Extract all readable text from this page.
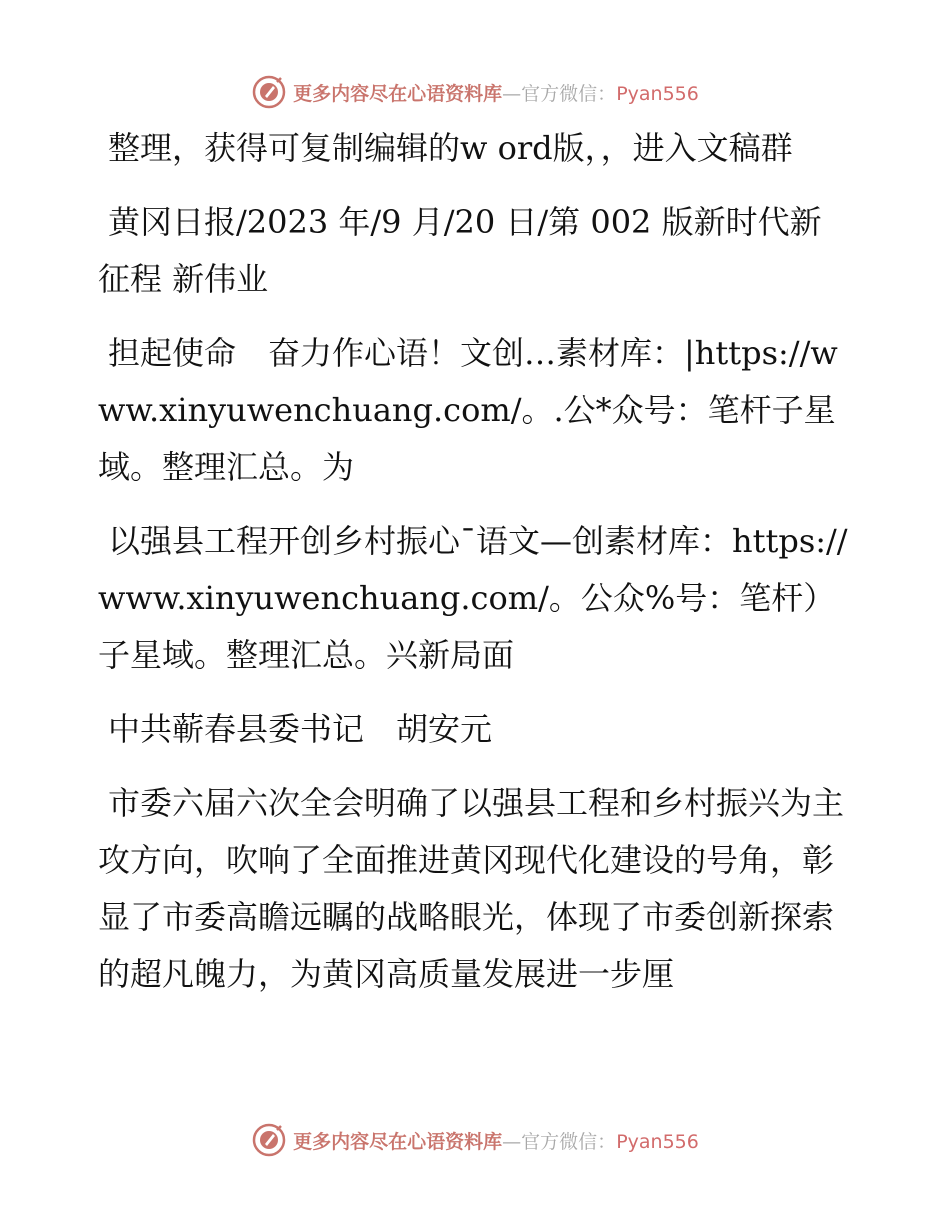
更多内容尽在心语资料库—官方微信：Pyan556

整理，获得可复制编辑的w ord版，，进入文稿群

黄冈日报/2023 年/9 月/20 日/第 002 版新时代新征程 新伟业

担起使命　奋力作心语！文创…素材库：|https://www.xinyuwenchuang.com/。.公*众号：笔杆子星域。整理汇总。为

以强县工程开创乡村振心¯语文—创素材库：https://www.xinyuwenchuang.com/。公众%号：笔杆）子星域。整理汇总。兴新局面

中共蕲春县委书记　胡安元

市委六届六次全会明确了以强县工程和乡村振兴为主攻方向，吹响了全面推进黄冈现代化建设的号角，彰显了市委高瞻远瞩的战略眼光，体现了市委创新探索的超凡魄力，为黄冈高质量发展进一步厘

更多内容尽在心语资料库—官方微信：Pyan556
